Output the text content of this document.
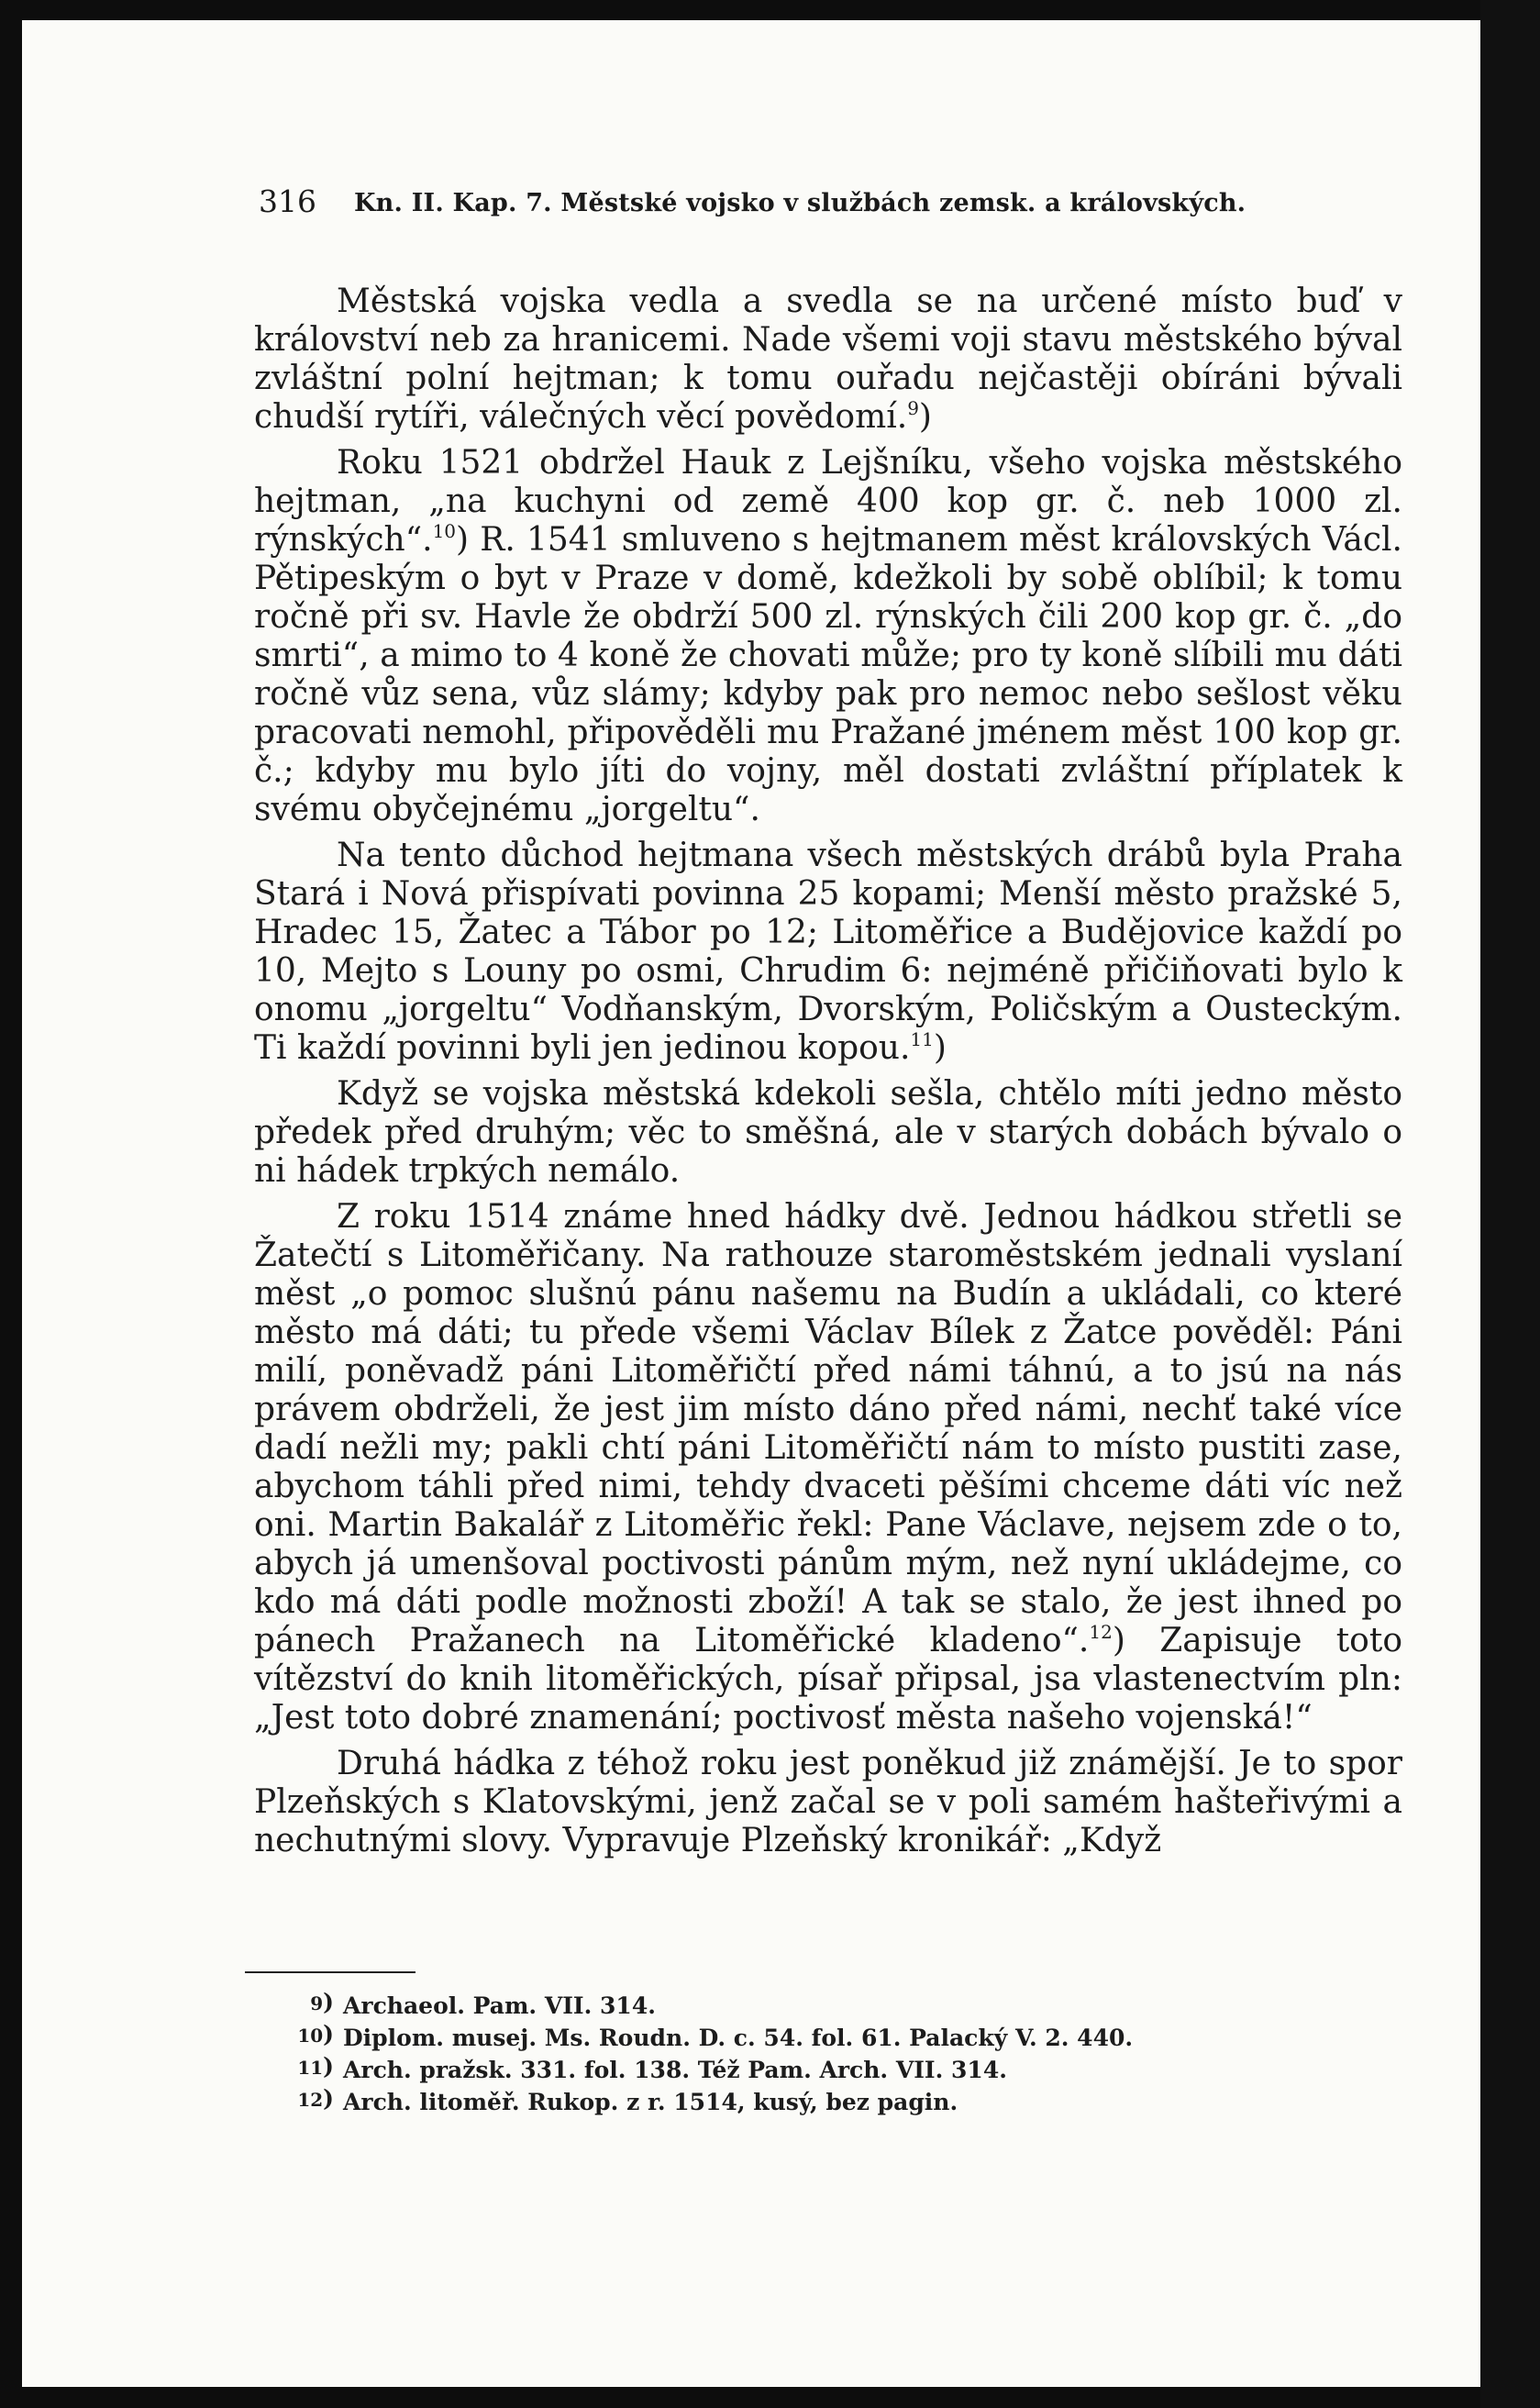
316 Kn. II. Kap. 7. Městské vojsko v službách zemsk. a královských.

Městská vojska vedla a svedla se na určené místo buď v království neb za hranicemi. Nade všemi voji stavu městského býval zvláštní polní hejtman; k tomu ouřadu nejčastěji obíráni bývali chudší rytíři, válečných věcí povědomí.$^9$)

Roku 1521 obdržel Hauk z Lejšníku, všeho vojska městského hejtman, „na kuchyni od země 400 kop gr. č. neb 1000 zl. rýnských“.$^{10}$) R. 1541 smluveno s hejtmanem měst královských Václ. Pětipeským o byt v Praze v domě, kdežkoli by sobě oblíbil; k tomu ročně při sv. Havle že obdrží 500 zl. rýnských čili 200 kop gr. č. „do smrti“, a mimo to 4 koně že chovati může; pro ty koně slíbili mu dáti ročně vůz sena, vůz slámy; kdyby pak pro nemoc nebo sešlost věku pracovati nemohl, připověděli mu Pražané jménem měst 100 kop gr. č.; kdyby mu bylo jíti do vojny, měl dostati zvláštní příplatek k svému obyčejnému „jorgeltu“.

Na tento důchod hejtmana všech městských drábů byla Praha Stará i Nová přispívati povinna 25 kopami; Menší město pražské 5, Hradec 15, Žatec a Tábor po 12; Litoměřice a Budějovice každí po 10, Mejto s Louny po osmi, Chrudim 6: nejméně přičiňovati bylo k onomu „jorgeltu“ Vodňanským, Dvorským, Poličským a Ousteckým. Ti každí povinni byli jen jedinou kopou.$^{11}$)

Když se vojska městská kdekoli sešla, chtělo míti jedno město předek před druhým; věc to směšná, ale v starých dobách bývalo o ni hádek trpkých nemálo.

Z roku 1514 známe hned hádky dvě. Jednou hádkou střetli se Žatečtí s Litoměřičany. Na rathouze staroměstském jednali vyslaní měst „o pomoc slušnú pánu našemu na Budín a ukládali, co které město má dáti; tu přede všemi Václav Bílek z Žatce pověděl: Páni milí, poněvadž páni Litoměřičtí před námi táhnú, a to jsú na nás právem obdrželi, že jest jim místo dáno před námi, nechť také více dadí nežli my; pakli chtí páni Litoměřičtí nám to místo pustiti zase, abychom táhli před nimi, tehdy dvaceti pěšími chceme dáti víc než oni. Martin Bakalář z Litoměřic řekl: Pane Václave, nejsem zde o to, abych já umenšoval poctivosti pánům mým, než nyní ukládejme, co kdo má dáti podle možnosti zboží! A tak se stalo, že jest ihned po pánech Pražanech na Litoměřické kladeno“.$^{12}$) Zapisuje toto vítězství do knih litoměřických, písař připsal, jsa vlastenectvím pln: „Jest toto dobré znamenání; poctivosť města našeho vojenská!“

Druhá hádka z téhož roku jest poněkud již známější. Je to spor Plzeňských s Klatovskými, jenž začal se v poli samém hašteřivými a nechutnými slovy. Vypravuje Plzeňský kronikář: „Když

9) Archaeol. Pam. VII. 314.
10) Diplom. musej. Ms. Roudn. D. c. 54. fol. 61. Palacký V. 2. 440.
11) Arch. pražsk. 331. fol. 138. Též Pam. Arch. VII. 314.
12) Arch. litoměř. Rukop. z r. 1514, kusý, bez pagin.
